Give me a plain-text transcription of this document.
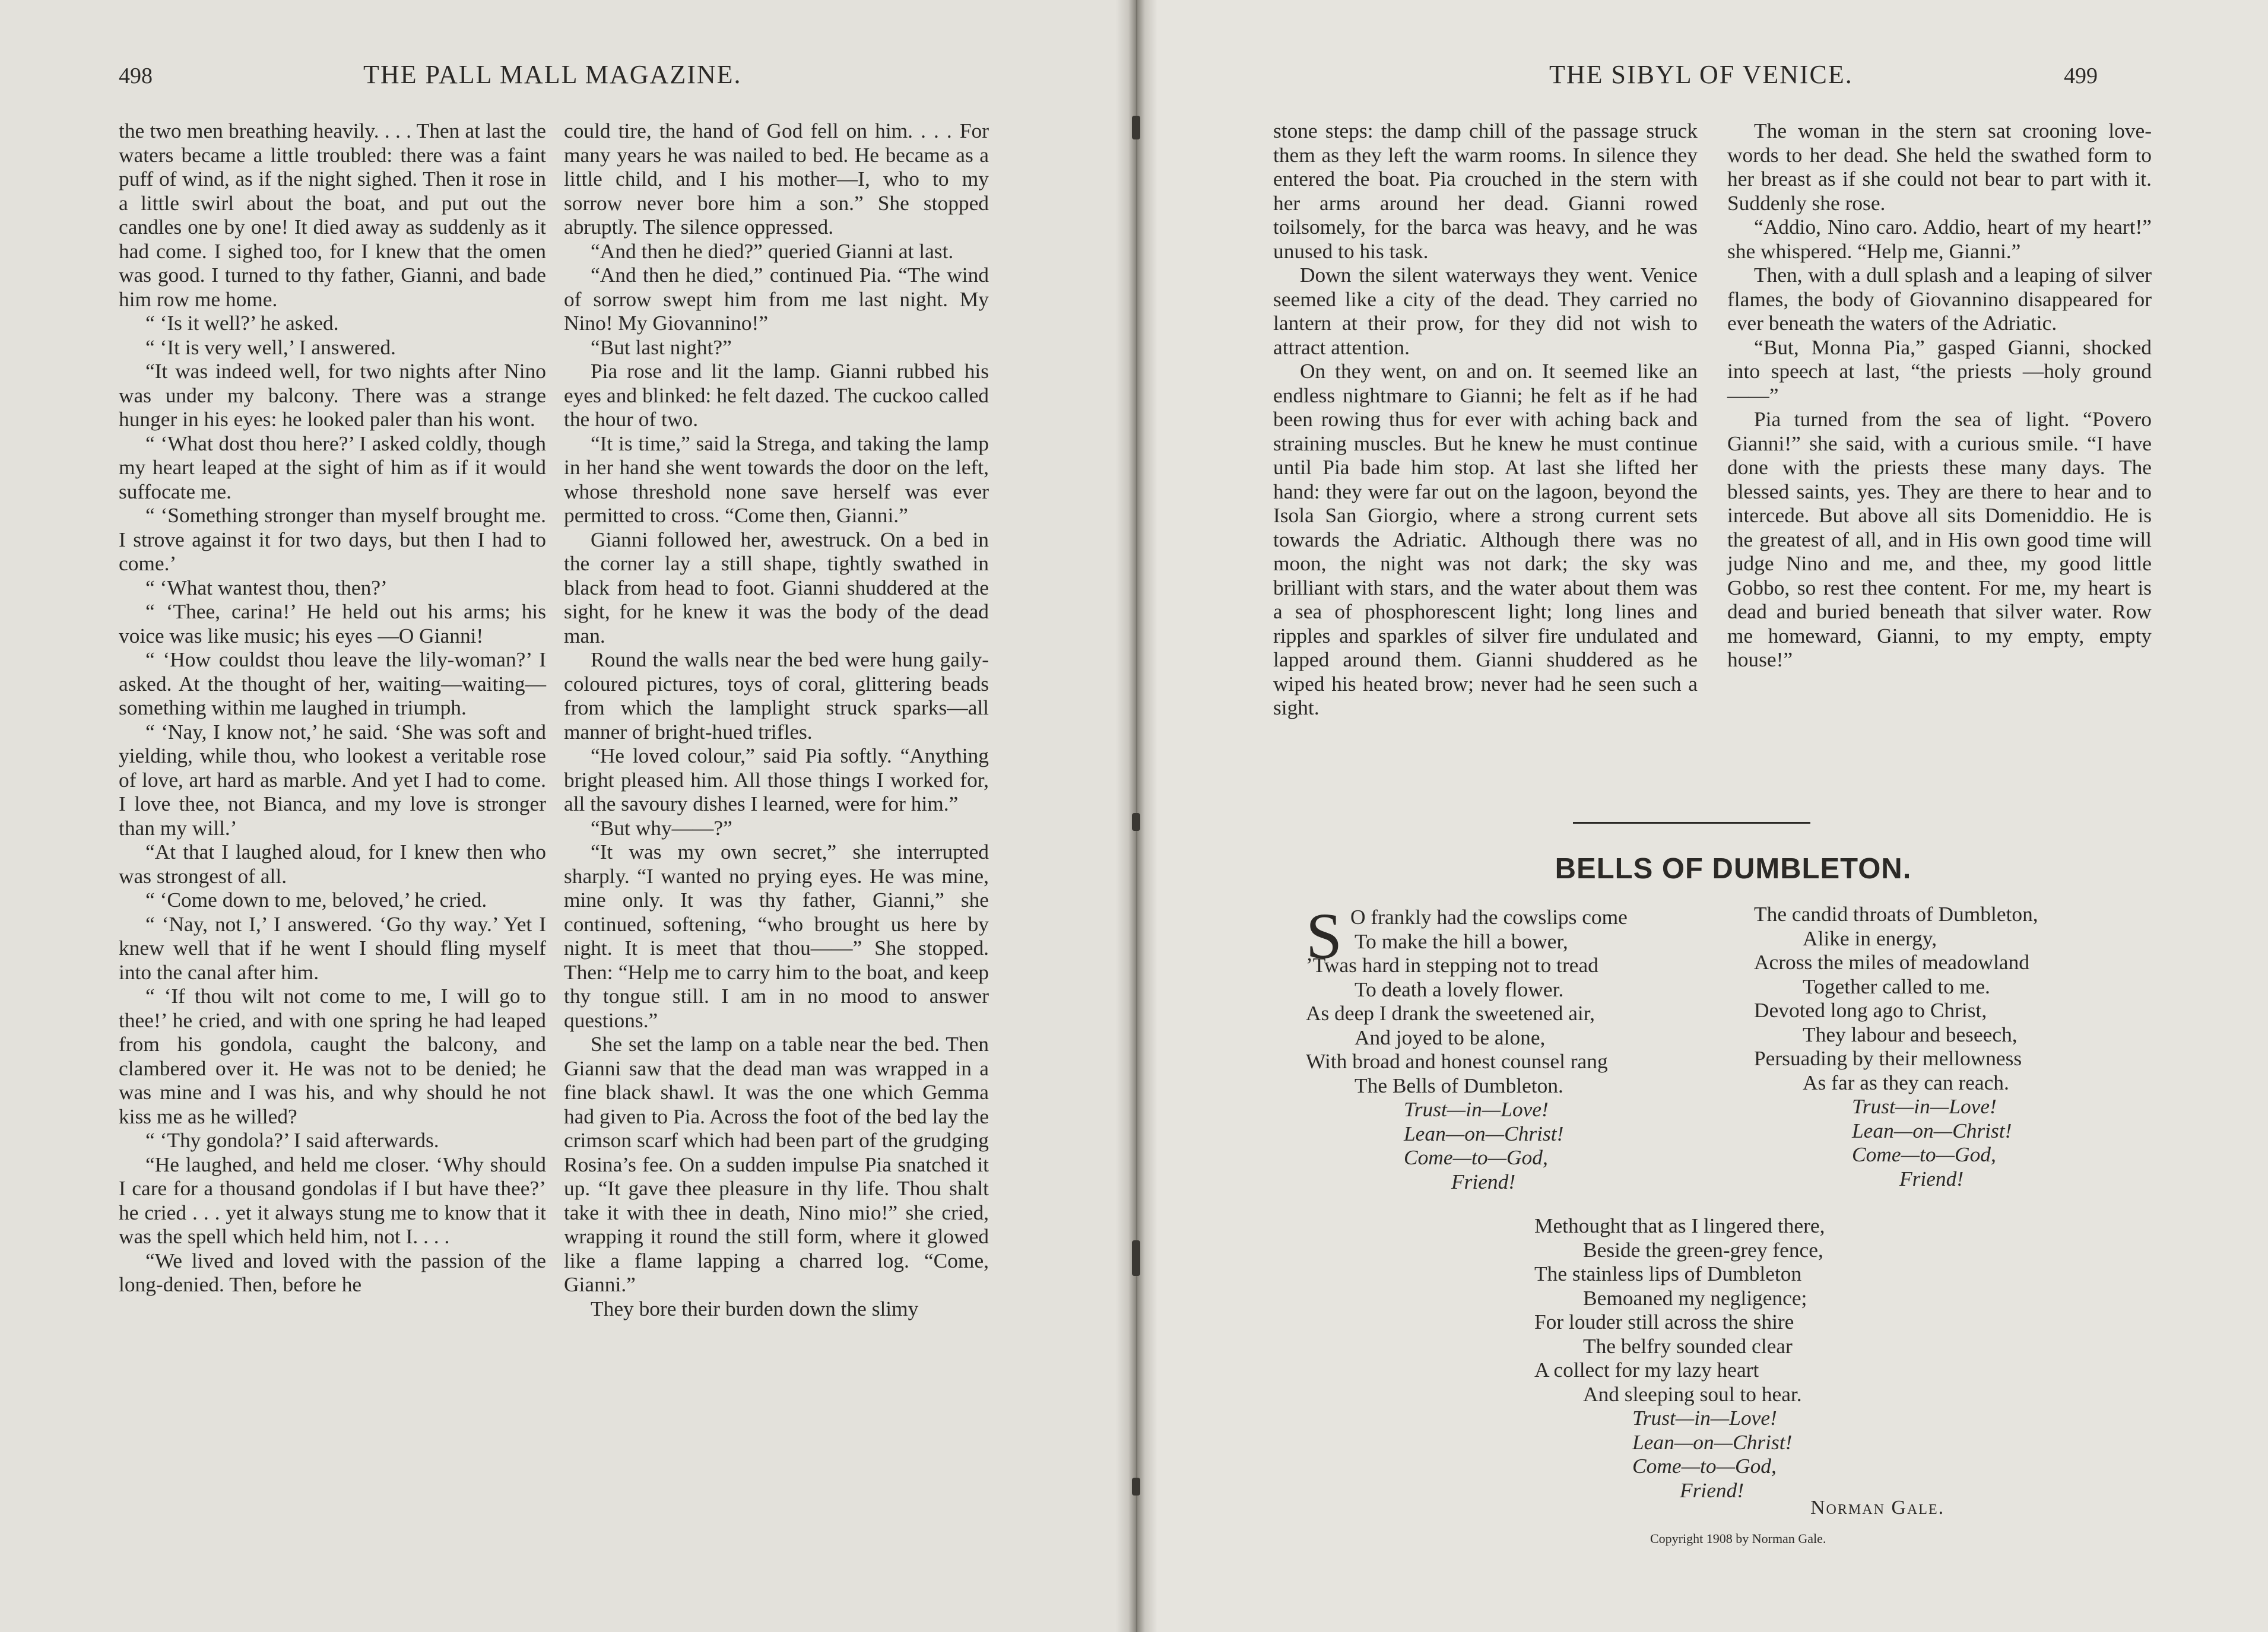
498	THE PALL MALL MAGAZINE.

the two men breathing heavily. . . . Then at last the waters became a little troubled: there was a faint puff of wind, as if the night sighed. Then it rose in a little swirl about the boat, and put out the candles one by one! It died away as suddenly as it had come. I sighed too, for I knew that the omen was good. I turned to thy father, Gianni, and bade him row me home.

“ ‘Is it well?’ he asked.

“ ‘It is very well,’ I answered.

“It was indeed well, for two nights after Nino was under my balcony. There was a strange hunger in his eyes: he looked paler than his wont.

“ ‘What dost thou here?’ I asked coldly, though my heart leaped at the sight of him as if it would suffocate me.

“ ‘Something stronger than myself brought me. I strove against it for two days, but then I had to come.’

“ ‘What wantest thou, then?’

“ ‘Thee, carina!’ He held out his arms; his voice was like music; his eyes —O Gianni!

“ ‘How couldst thou leave the lily-woman?’ I asked. At the thought of her, waiting—waiting—something within me laughed in triumph.

“ ‘Nay, I know not,’ he said. ‘She was soft and yielding, while thou, who lookest a veritable rose of love, art hard as marble. And yet I had to come. I love thee, not Bianca, and my love is stronger than my will.’

“At that I laughed aloud, for I knew then who was strongest of all.

“ ‘Come down to me, beloved,’ he cried.

“ ‘Nay, not I,’ I answered. ‘Go thy way.’ Yet I knew well that if he went I should fling myself into the canal after him.

“ ‘If thou wilt not come to me, I will go to thee!’ he cried, and with one spring he had leaped from his gondola, caught the balcony, and clambered over it. He was not to be denied; he was mine and I was his, and why should he not kiss me as he willed?

“ ‘Thy gondola?’ I said afterwards.

“He laughed, and held me closer. ‘Why should I care for a thousand gondolas if I but have thee?’ he cried . . . yet it always stung me to know that it was the spell which held him, not I. . . .

“We lived and loved with the passion of the long-denied. Then, before he

could tire, the hand of God fell on him. . . . For many years he was nailed to bed. He became as a little child, and I his mother—I, who to my sorrow never bore him a son.” She stopped abruptly. The silence oppressed.

“And then he died?” queried Gianni at last.

“And then he died,” continued Pia. “The wind of sorrow swept him from me last night. My Nino! My Giovannino!”

“But last night?”

Pia rose and lit the lamp. Gianni rubbed his eyes and blinked: he felt dazed. The cuckoo called the hour of two.

“It is time,” said la Strega, and taking the lamp in her hand she went towards the door on the left, whose threshold none save herself was ever permitted to cross. “Come then, Gianni.”

Gianni followed her, awestruck. On a bed in the corner lay a still shape, tightly swathed in black from head to foot. Gianni shuddered at the sight, for he knew it was the body of the dead man.

Round the walls near the bed were hung gaily-coloured pictures, toys of coral, glittering beads from which the lamplight struck sparks—all manner of bright-hued trifles.

“He loved colour,” said Pia softly. “Anything bright pleased him. All those things I worked for, all the savoury dishes I learned, were for him.”

“But why——?”

“It was my own secret,” she interrupted sharply. “I wanted no prying eyes. He was mine, mine only. It was thy father, Gianni,” she continued, softening, “who brought us here by night. It is meet that thou——” She stopped. Then: “Help me to carry him to the boat, and keep thy tongue still. I am in no mood to answer questions.”

She set the lamp on a table near the bed. Then Gianni saw that the dead man was wrapped in a fine black shawl. It was the one which Gemma had given to Pia. Across the foot of the bed lay the crimson scarf which had been part of the grudging Rosina’s fee. On a sudden impulse Pia snatched it up. “It gave thee pleasure in thy life. Thou shalt take it with thee in death, Nino mio!” she cried, wrapping it round the still form, where it glowed like a flame lapping a charred log. “Come, Gianni.”

They bore their burden down the slimy

THE SIBYL OF VENICE.	499

stone steps: the damp chill of the passage struck them as they left the warm rooms. In silence they entered the boat. Pia crouched in the stern with her arms around her dead. Gianni rowed toilsomely, for the barca was heavy, and he was unused to his task.

Down the silent waterways they went. Venice seemed like a city of the dead. They carried no lantern at their prow, for they did not wish to attract attention.

On they went, on and on. It seemed like an endless nightmare to Gianni; he felt as if he had been rowing thus for ever with aching back and straining muscles. But he knew he must continue until Pia bade him stop. At last she lifted her hand: they were far out on the lagoon, beyond the Isola San Giorgio, where a strong current sets towards the Adriatic. Although there was no moon, the night was not dark; the sky was brilliant with stars, and the water about them was a sea of phosphorescent light; long lines and ripples and sparkles of silver fire undulated and lapped around them. Gianni shuddered as he wiped his heated brow; never had he seen such a sight.

The woman in the stern sat crooning love-words to her dead. She held the swathed form to her breast as if she could not bear to part with it. Suddenly she rose.

“Addio, Nino caro. Addio, heart of my heart!” she whispered. “Help me, Gianni.”

Then, with a dull splash and a leaping of silver flames, the body of Giovannino disappeared for ever beneath the waters of the Adriatic.

“But, Monna Pia,” gasped Gianni, shocked into speech at last, “the priests —holy ground——”

Pia turned from the sea of light. “Povero Gianni!” she said, with a curious smile. “I have done with the priests these many days. The blessed saints, yes. They are there to hear and to intercede. But above all sits Domeniddio. He is the greatest of all, and in His own good time will judge Nino and me, and thee, my good little Gobbo, so rest thee content. For me, my heart is dead and buried beneath that silver water. Row me homeward, Gianni, to my empty, empty house!”

BELLS OF DUMBLETON.
S O frankly had the cowslips come
To make the hill a bower,
’Twas hard in stepping not to tread
To death a lovely flower.
As deep I drank the sweetened air,
And joyed to be alone,
With broad and honest counsel rang
The Bells of Dumbleton.
Trust—in—Love!
Lean—on—Christ!
Come—to—God,
Friend!
The candid throats of Dumbleton,
Alike in energy,
Across the miles of meadowland
Together called to me.
Devoted long ago to Christ,
They labour and beseech,
Persuading by their mellowness
As far as they can reach.
Trust—in—Love!
Lean—on—Christ!
Come—to—God,
Friend!
Methought that as I lingered there,
Beside the green-grey fence,
The stainless lips of Dumbleton
Bemoaned my negligence;
For louder still across the shire
The belfry sounded clear
A collect for my lazy heart
And sleeping soul to hear.
Trust—in—Love!
Lean—on—Christ!
Come—to—God,
Friend!
Norman Gale.
Copyright 1908 by Norman Gale.
